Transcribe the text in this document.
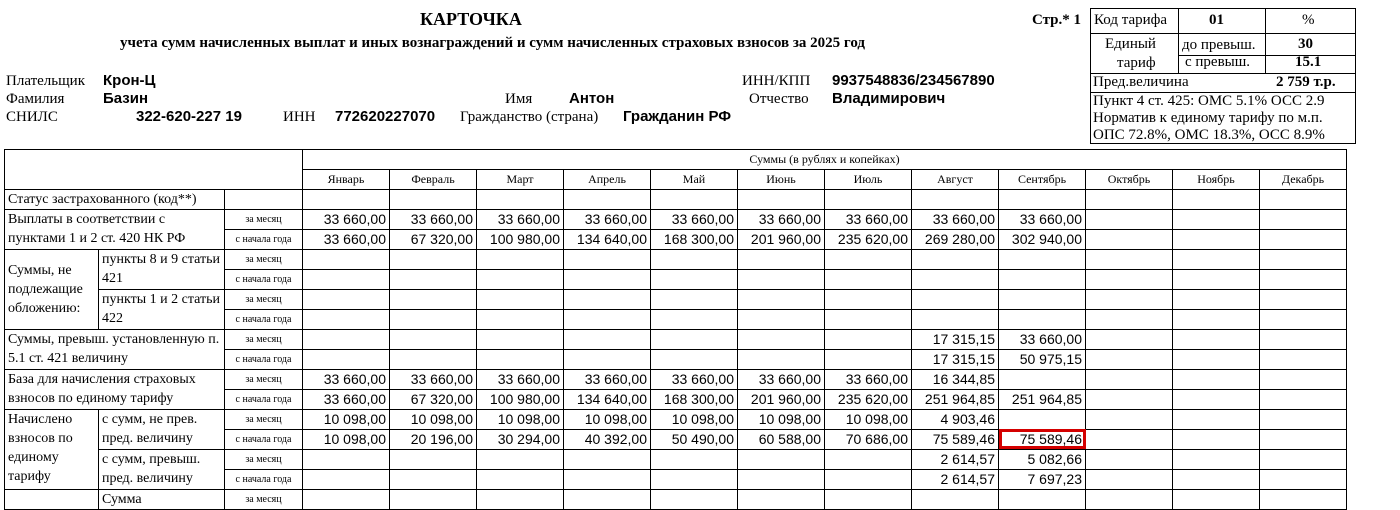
КАРТОЧКА
учета сумм начисленных выплат и иных вознаграждений и сумм начисленных страховых взносов за 2025 год
Стр.* 1 Код тарифа	01	%
Единый
тариф
до превыш.	30
с превыш.	15.1
Пред.величина	2 759 т.р.
Пункт 4 ст. 425: ОМС 5.1% ОСС 2.9
Норматив к единому тарифу по м.п.
ОПС 72.8%, ОМС 18.3%, ОСС 8.9%
Плательщик Крон-Ц	ИНН/КПП 9937548836/234567890
Фамилия	Базин	Имя Антон	Отчество Владимирович
СНИЛС	322-620-227 19	ИНН 772620227070 Гражданство (страна) Гражданин РФ
			Суммы (в рублях и копейках)											
			Январь	Февраль	Март	Апрель	Май	Июнь	Июль	Август	Сентябрь	Октябрь	Ноябрь	Декабрь
Статус застрахованного (код**)														
Выплаты в соответствии с пунктами 1 и 2 ст. 420 НК РФ		за месяц	33 660,00	33 660,00	33 660,00	33 660,00	33 660,00	33 660,00	33 660,00	33 660,00	33 660,00			
		с начала года	33 660,00	67 320,00	100 980,00	134 640,00	168 300,00	201 960,00	235 620,00	269 280,00	302 940,00			
Суммы, не подлежащие обложению:	пункты 8 и 9 статьи 421	за месяц												
		с начала года												
	пункты 1 и 2 статьи 422	за месяц												
		с начала года												
Суммы, превыш. установленную п. 5.1 ст. 421 величину		за месяц								17 315,15	33 660,00			
		с начала года								17 315,15	50 975,15			
База для начисления страховых взносов по единому тарифу		за месяц	33 660,00	33 660,00	33 660,00	33 660,00	33 660,00	33 660,00	33 660,00	16 344,85				
		с начала года	33 660,00	67 320,00	100 980,00	134 640,00	168 300,00	201 960,00	235 620,00	251 964,85	251 964,85			
Начислено взносов по единому тарифу	с сумм, не прев. пред. величину	за месяц	10 098,00	10 098,00	10 098,00	10 098,00	10 098,00	10 098,00	10 098,00	4 903,46				
		с начала года	10 098,00	20 196,00	30 294,00	40 392,00	50 490,00	60 588,00	70 686,00	75 589,46	75 589,46			
	с сумм, превыш. пред. величину	за месяц								2 614,57	5 082,66			
		с начала года								2 614,57	7 697,23			
	Сумма	за месяц												
